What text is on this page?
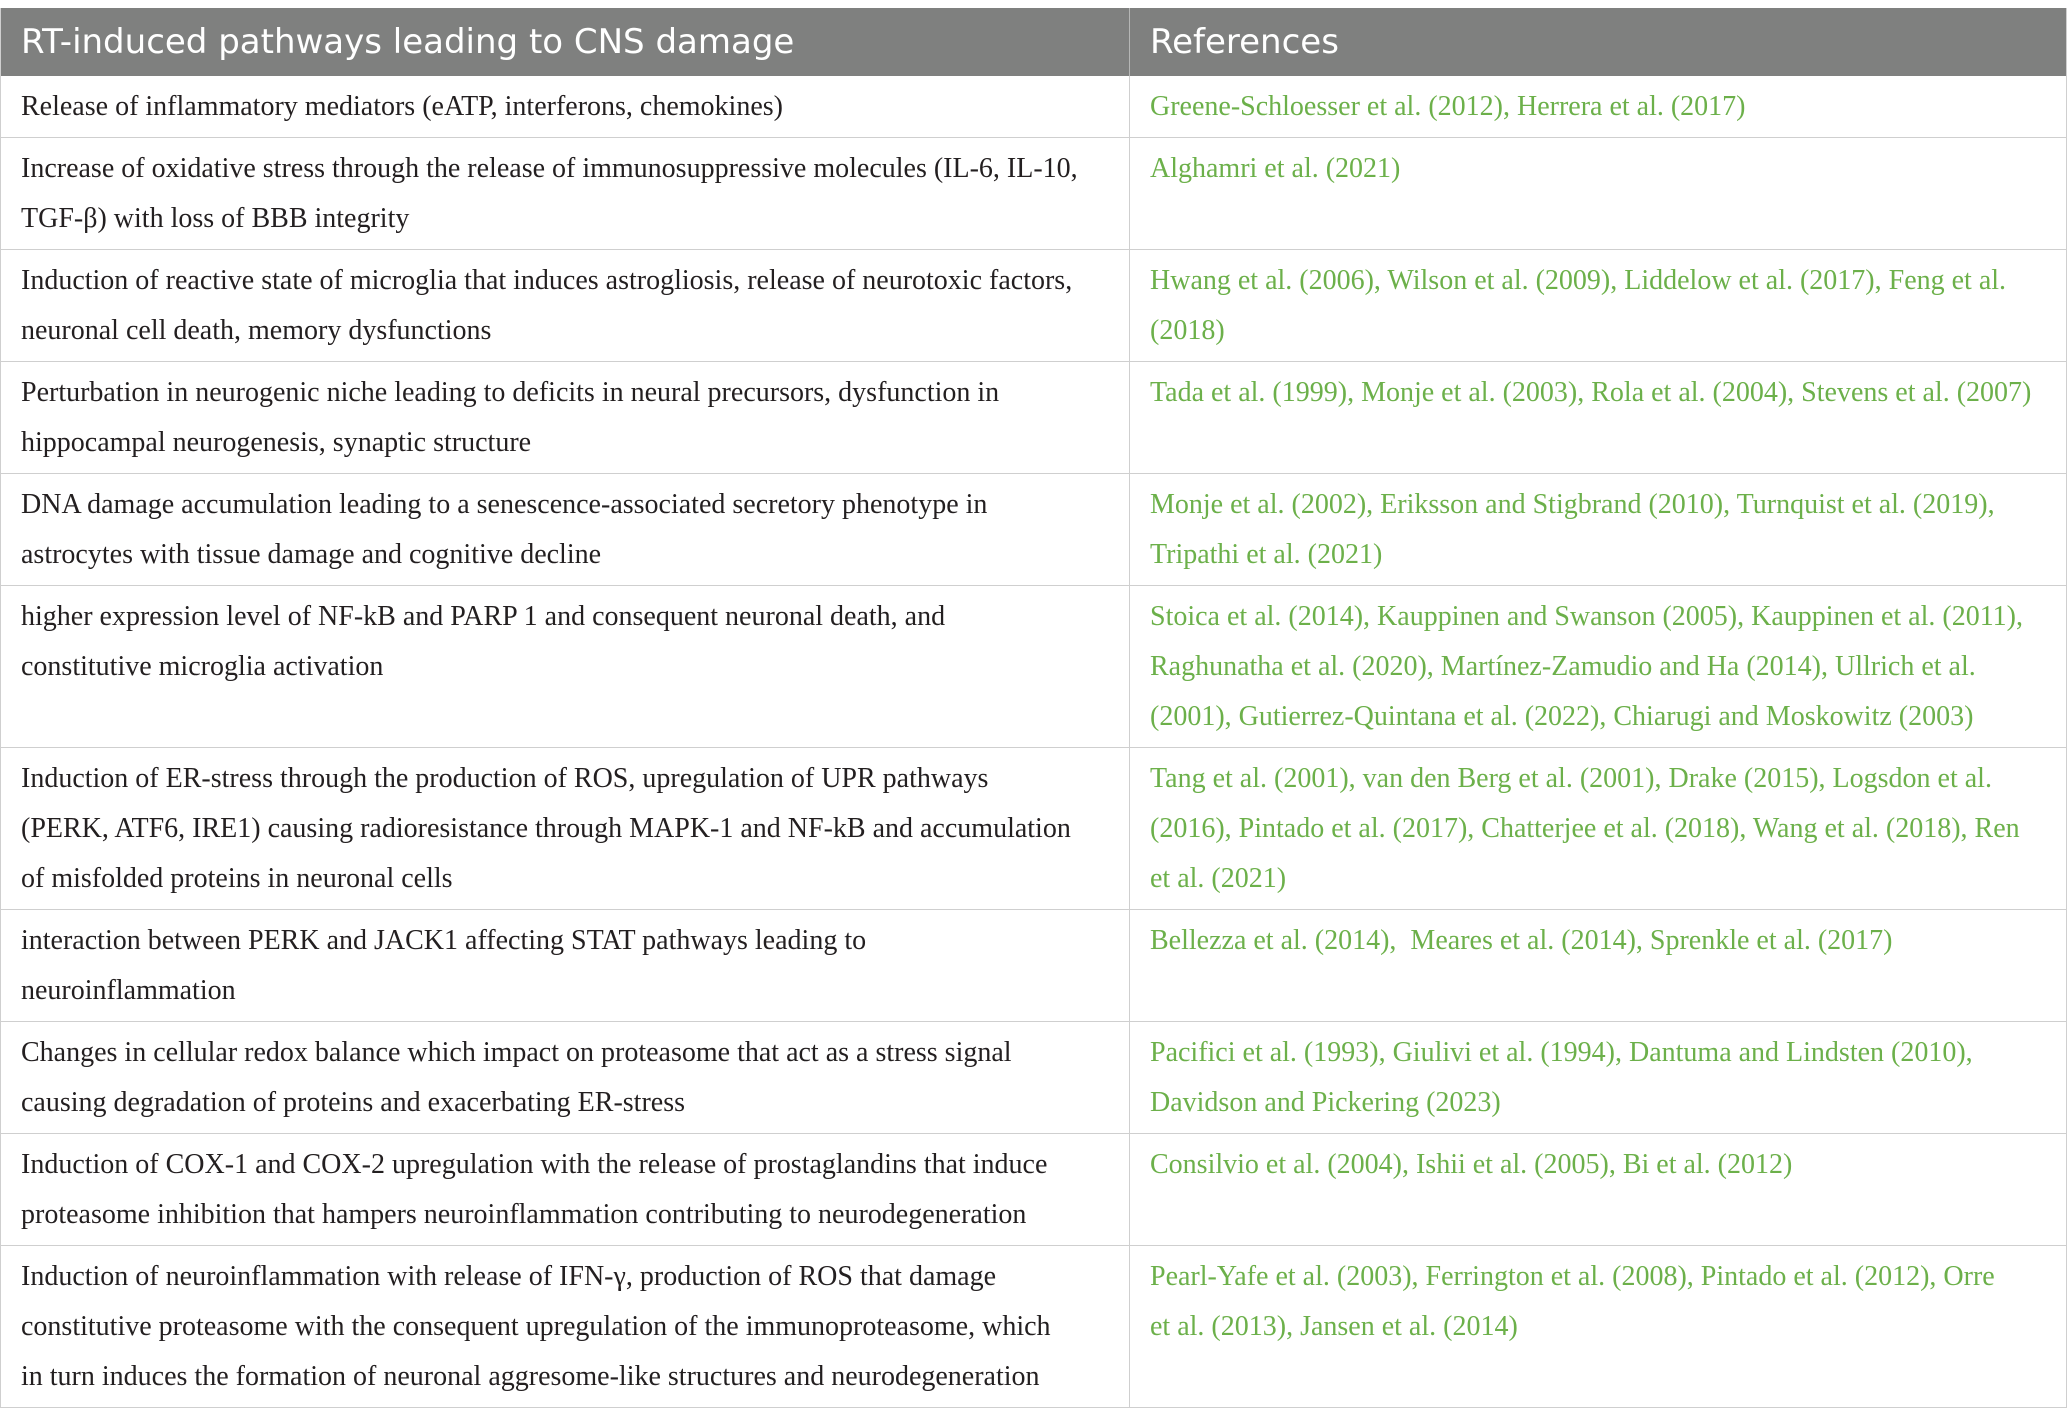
RT-induced pathways leading to CNS damage	References
Release of inflammatory mediators (eATP, interferons, chemokines)	Greene-Schloesser et al. (2012), Herrera et al. (2017)
Increase of oxidative stress through the release of immunosuppressive molecules (IL-6, IL-10,
TGF-β) with loss of BBB integrity
Alghamri et al. (2021)
Induction of reactive state of microglia that induces astrogliosis, release of neurotoxic factors,
neuronal cell death, memory dysfunctions
Hwang et al. (2006), Wilson et al. (2009), Liddelow et al. (2017), Feng et al.
(2018)
Perturbation in neurogenic niche leading to deficits in neural precursors, dysfunction in
hippocampal neurogenesis, synaptic structure
Tada et al. (1999), Monje et al. (2003), Rola et al. (2004), Stevens et al. (2007)
DNA damage accumulation leading to a senescence-associated secretory phenotype in
astrocytes with tissue damage and cognitive decline
Monje et al. (2002), Eriksson and Stigbrand (2010), Turnquist et al. (2019),
Tripathi et al. (2021)
higher expression level of NF-kB and PARP 1 and consequent neuronal death, and
constitutive microglia activation
Stoica et al. (2014), Kauppinen and Swanson (2005), Kauppinen et al. (2011),
Raghunatha et al. (2020), Martínez-Zamudio and Ha (2014), Ullrich et al.
(2001), Gutierrez-Quintana et al. (2022), Chiarugi and Moskowitz (2003)
Induction of ER-stress through the production of ROS, upregulation of UPR pathways
(PERK, ATF6, IRE1) causing radioresistance through MAPK-1 and NF-kB and accumulation
of misfolded proteins in neuronal cells
Tang et al. (2001), van den Berg et al. (2001), Drake (2015), Logsdon et al.
(2016), Pintado et al. (2017), Chatterjee et al. (2018), Wang et al. (2018), Ren
et al. (2021)
interaction between PERK and JACK1 affecting STAT pathways leading to
neuroinflammation
Bellezza et al. (2014),  Meares et al. (2014), Sprenkle et al. (2017)
Changes in cellular redox balance which impact on proteasome that act as a stress signal
causing degradation of proteins and exacerbating ER-stress
Pacifici et al. (1993), Giulivi et al. (1994), Dantuma and Lindsten (2010),
Davidson and Pickering (2023)
Induction of COX-1 and COX-2 upregulation with the release of prostaglandins that induce
proteasome inhibition that hampers neuroinflammation contributing to neurodegeneration
Consilvio et al. (2004), Ishii et al. (2005), Bi et al. (2012)
Induction of neuroinflammation with release of IFN-γ, production of ROS that damage
constitutive proteasome with the consequent upregulation of the immunoproteasome, which
in turn induces the formation of neuronal aggresome-like structures and neurodegeneration
Pearl-Yafe et al. (2003), Ferrington et al. (2008), Pintado et al. (2012), Orre
et al. (2013), Jansen et al. (2014)
